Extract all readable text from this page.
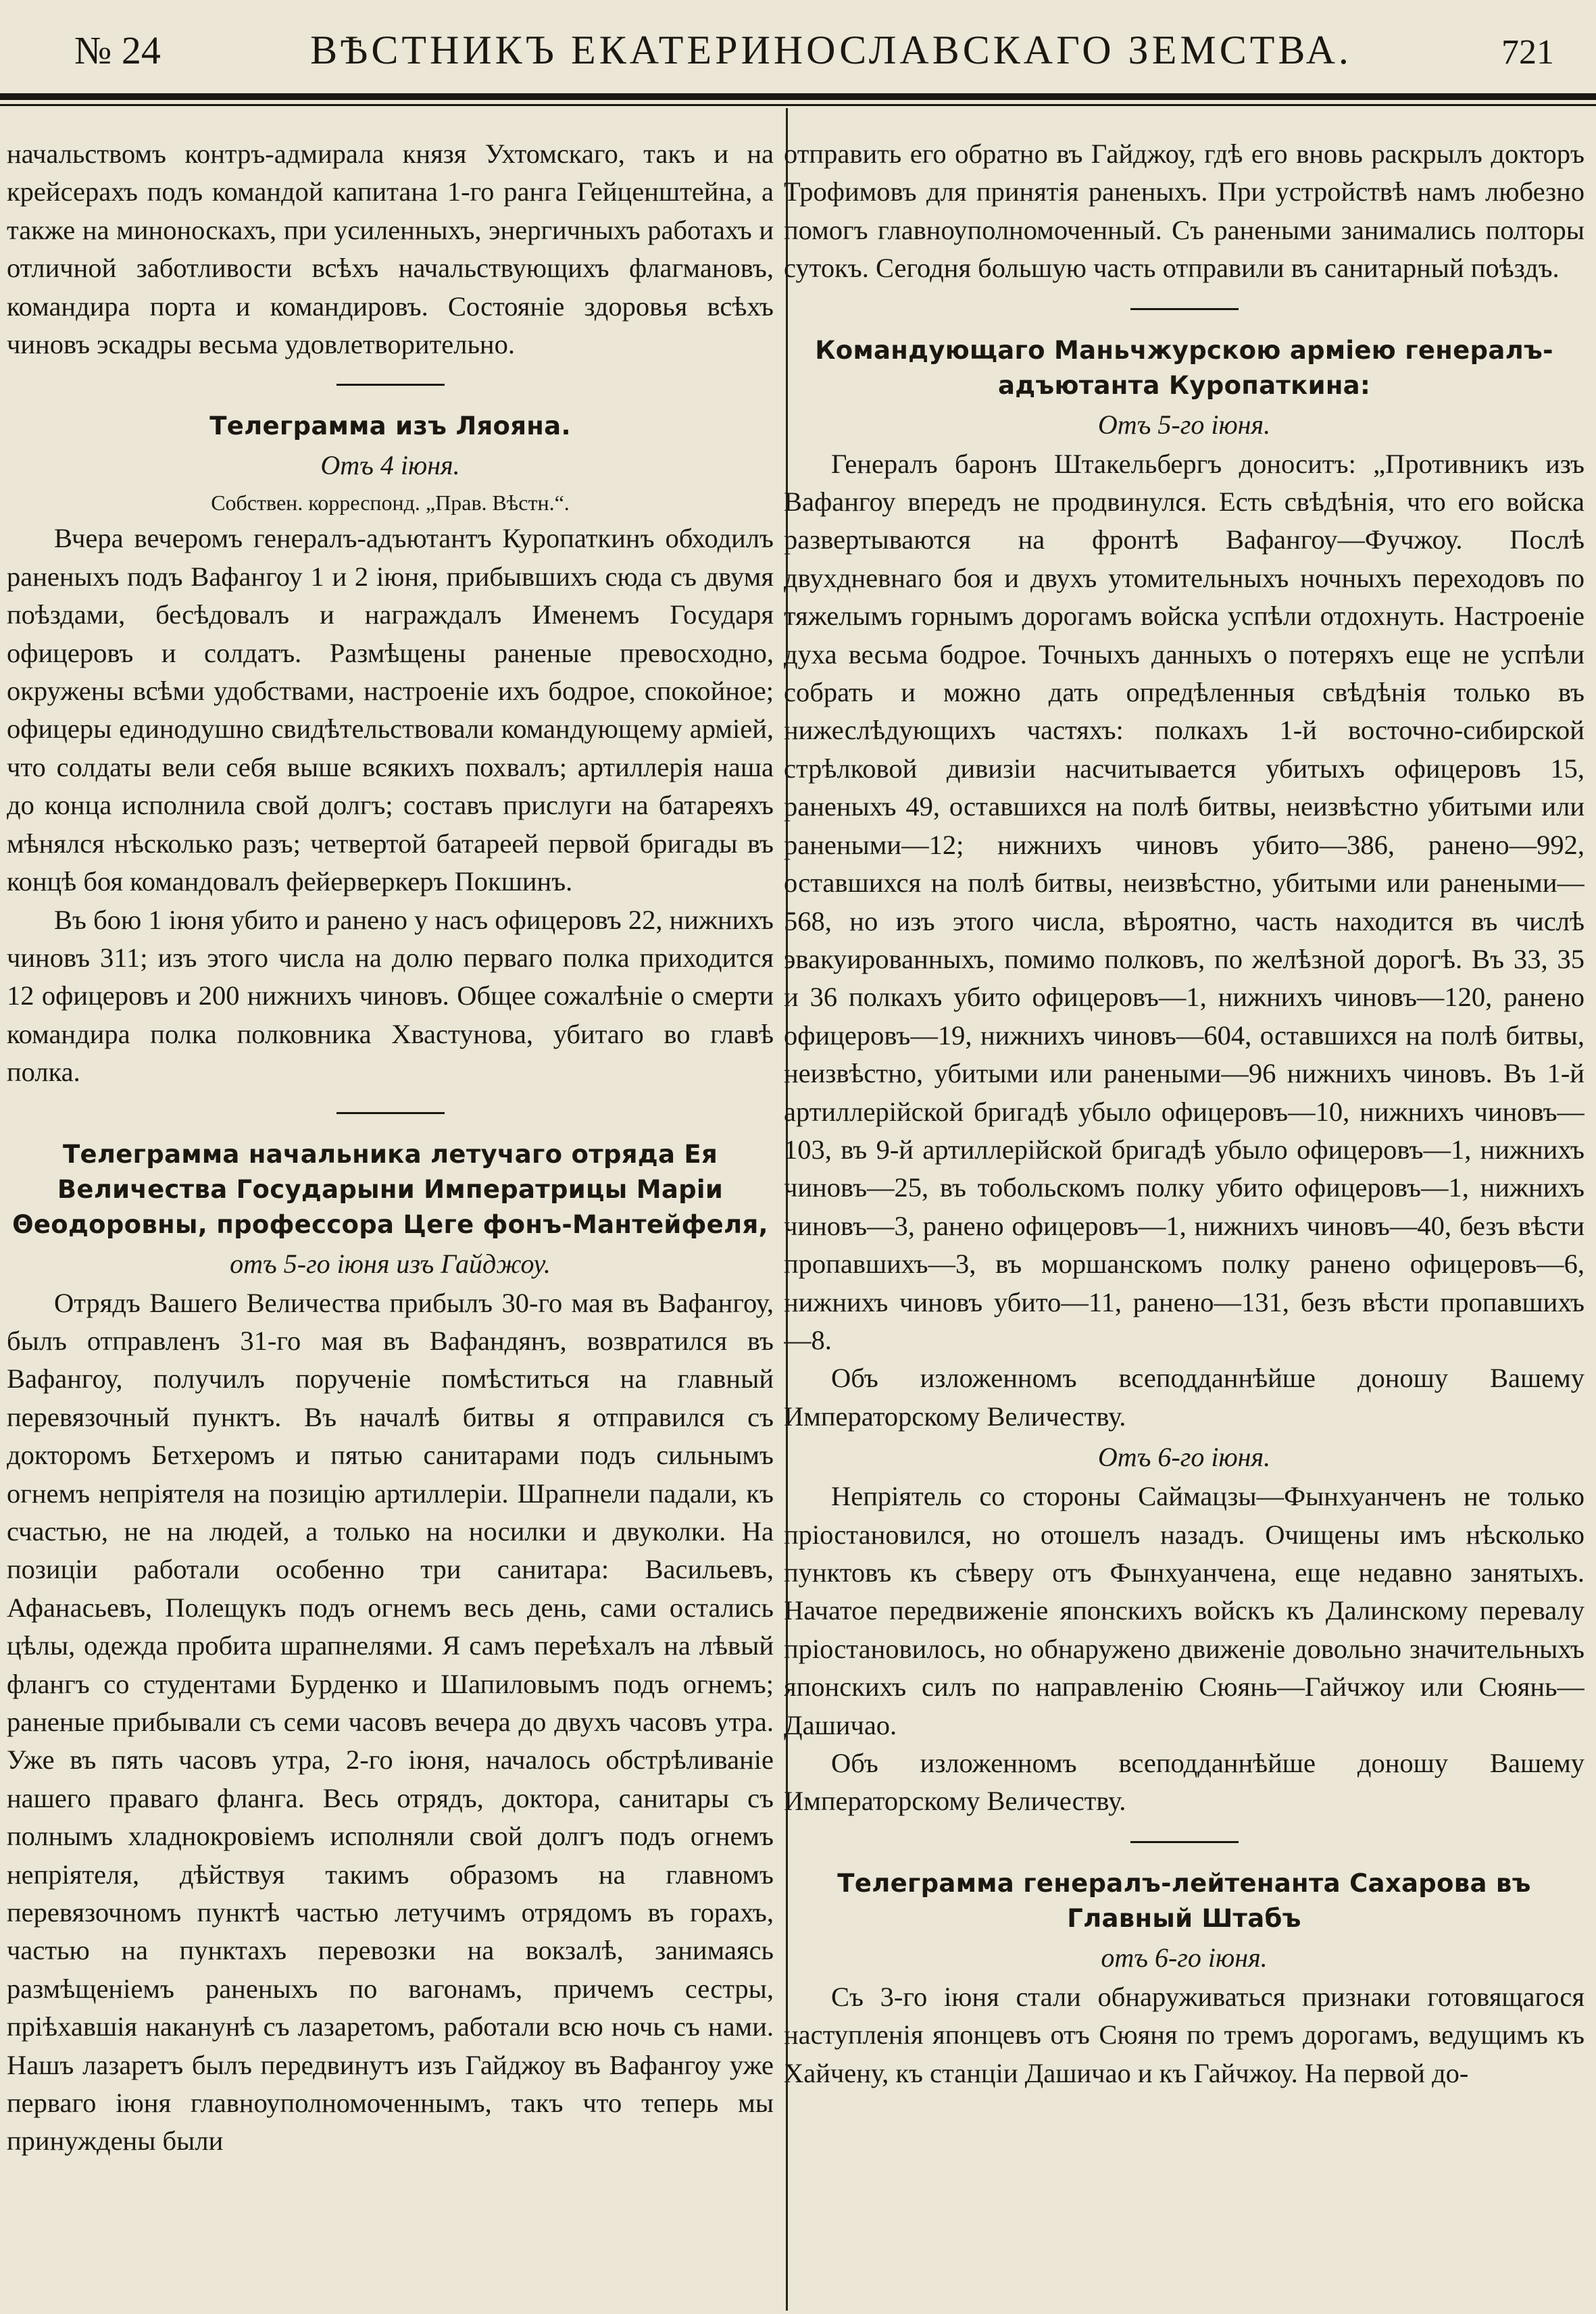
№ 24	ВѢСТНИКЪ ЕКАТЕРИНОСЛАВСКАГО ЗЕМСТВА.	721

начальствомъ контръ-адмирала князя Ухтомскаго, такъ и на крейсерахъ подъ командой капитана 1-го ранга Гейценштейна, а также на миноноскахъ, при усиленныхъ, энергичныхъ работахъ и отличной заботливости всѣхъ начальствующихъ флагмановъ, командира порта и командировъ. Состоянiе здоровья всѣхъ чиновъ эскадры весьма удовлетворительно.

Телеграмма изъ Ляояна.
Отъ 4 iюня.
Собствен. корреспонд. „Прав. Вѣстн.“.

Вчера вечеромъ генералъ-адъютантъ Куропаткинъ обходилъ раненыхъ подъ Вафангоу 1 и 2 iюня, прибывшихъ сюда съ двумя поѣздами, бесѣдовалъ и награждалъ Именемъ Государя офицеровъ и солдатъ. Размѣщены раненые превосходно, окружены всѣми удобствами, настроенiе ихъ бодрое, спокойное; офицеры единодушно свидѣтельствовали командующему армiей, что солдаты вели себя выше всякихъ похвалъ; артиллерiя наша до конца исполнила свой долгъ; составъ прислуги на батареяхъ мѣнялся нѣсколько разъ; четвертой батареей первой бригады въ концѣ боя командовалъ фейерверкеръ Покшинъ.

Въ бою 1 iюня убито и ранено у насъ офицеровъ 22, нижнихъ чиновъ 311; изъ этого числа на долю перваго полка приходится 12 офицеровъ и 200 нижнихъ чиновъ. Общее сожалѣнiе о смерти командира полка полковника Хвастунова, убитаго во главѣ полка.

Телеграмма начальника летучаго отряда Ея Величества Государыни Императрицы Марiи Θеодоровны, профессора Цеге фонъ-Мантейфеля,
отъ 5-го iюня изъ Гайджоу.

Отрядъ Вашего Величества прибылъ 30-го мая въ Вафангоу, былъ отправленъ 31-го мая въ Вафандянъ, возвратился въ Вафангоу, получилъ порученiе помѣститься на главный перевязочный пунктъ. Въ началѣ битвы я отправился съ докторомъ Бетхеромъ и пятью санитарами подъ сильнымъ огнемъ непрiятеля на позицiю артиллерiи. Шрапнели падали, къ счастью, не на людей, а только на носилки и двуколки. На позицiи работали особенно три санитара: Васильевъ, Афанасьевъ, Полещукъ подъ огнемъ весь день, сами остались цѣлы, одежда пробита шрапнелями. Я самъ переѣхалъ на лѣвый флангъ со студентами Бурденко и Шапиловымъ подъ огнемъ; раненые прибывали съ семи часовъ вечера до двухъ часовъ утра. Уже въ пять часовъ утра, 2-го iюня, началось обстрѣливанiе нашего праваго фланга. Весь отрядъ, доктора, санитары съ полнымъ хладнокровiемъ исполняли свой долгъ подъ огнемъ непрiятеля, дѣйствуя такимъ образомъ на главномъ перевязочномъ пунктѣ частью летучимъ отрядомъ въ горахъ, частью на пунктахъ перевозки на вокзалѣ, занимаясь размѣщенiемъ раненыхъ по вагонамъ, причемъ сестры, прiѣхавшiя наканунѣ съ лазаретомъ, работали всю ночь съ нами. Нашъ лазаретъ былъ передвинутъ изъ Гайджоу въ Вафангоу уже перваго iюня главноуполномоченнымъ, такъ что теперь мы принуждены были

отправить его обратно въ Гайджоу, гдѣ его вновь раскрылъ докторъ Трофимовъ для принятiя раненыхъ. При устройствѣ намъ любезно помогъ главноуполномоченный. Съ ранеными занимались полторы сутокъ. Сегодня большую часть отправили въ санитарный поѣздъ.

Командующаго Маньчжурскою армiею генералъ-адъютанта Куропаткина:
Отъ 5-го iюня.

Генералъ баронъ Штакельбергъ доноситъ: „Противникъ изъ Вафангоу впередъ не продвинулся. Есть свѣдѣнiя, что его войска развертываются на фронтѣ Вафангоу—Фучжоу. Послѣ двухдневнаго боя и двухъ утомительныхъ ночныхъ переходовъ по тяжелымъ горнымъ дорогамъ войска успѣли отдохнуть. Настроенiе духа весьма бодрое. Точныхъ данныхъ о потеряхъ еще не успѣли собрать и можно дать опредѣленныя свѣдѣнiя только въ нижеслѣдующихъ частяхъ: полкахъ 1-й восточно-сибирской стрѣлковой дивизiи насчитывается убитыхъ офицеровъ 15, раненыхъ 49, оставшихся на полѣ битвы, неизвѣстно убитыми или ранеными—12; нижнихъ чиновъ убито—386, ранено—992, оставшихся на полѣ битвы, неизвѣстно, убитыми или ранеными—568, но изъ этого числа, вѣроятно, часть находится въ числѣ эвакуированныхъ, помимо полковъ, по желѣзной дорогѣ. Въ 33, 35 и 36 полкахъ убито офицеровъ—1, нижнихъ чиновъ—120, ранено офицеровъ—19, нижнихъ чиновъ—604, оставшихся на полѣ битвы, неизвѣстно, убитыми или ранеными—96 нижнихъ чиновъ. Въ 1-й артиллерiйской бригадѣ убыло офицеровъ—10, нижнихъ чиновъ—103, въ 9-й артиллерiйской бригадѣ убыло офицеровъ—1, нижнихъ чиновъ—25, въ тобольскомъ полку убито офицеровъ—1, нижнихъ чиновъ—3, ранено офицеровъ—1, нижнихъ чиновъ—40, безъ вѣсти пропавшихъ—3, въ моршанскомъ полку ранено офицеровъ—6, нижнихъ чиновъ убито—11, ранено—131, безъ вѣсти пропавшихъ—8.

Объ изложенномъ всеподданнѣйше доношу Вашему Императорскому Величеству.

Отъ 6-го iюня.

Непрiятель со стороны Саймацзы—Фынхуанченъ не только прiостановился, но отошелъ назадъ. Очищены имъ нѣсколько пунктовъ къ сѣверу отъ Фынхуанчена, еще недавно занятыхъ. Начатое передвиженiе японскихъ войскъ къ Далинскому перевалу прiостановилось, но обнаружено движенiе довольно значительныхъ японскихъ силъ по направленiю Сюянь—Гайчжоу или Сюянь—Дашичао.

Объ изложенномъ всеподданнѣйше доношу Вашему Императорскому Величеству.

Телеграмма генералъ-лейтенанта Сахарова въ Главный Штабъ
отъ 6-го iюня.

Съ 3-го iюня стали обнаруживаться признаки готовящагося наступленiя японцевъ отъ Сюяня по тремъ дорогамъ, ведущимъ къ Хайчену, къ станцiи Дашичао и къ Гайчжоу. На первой до-
